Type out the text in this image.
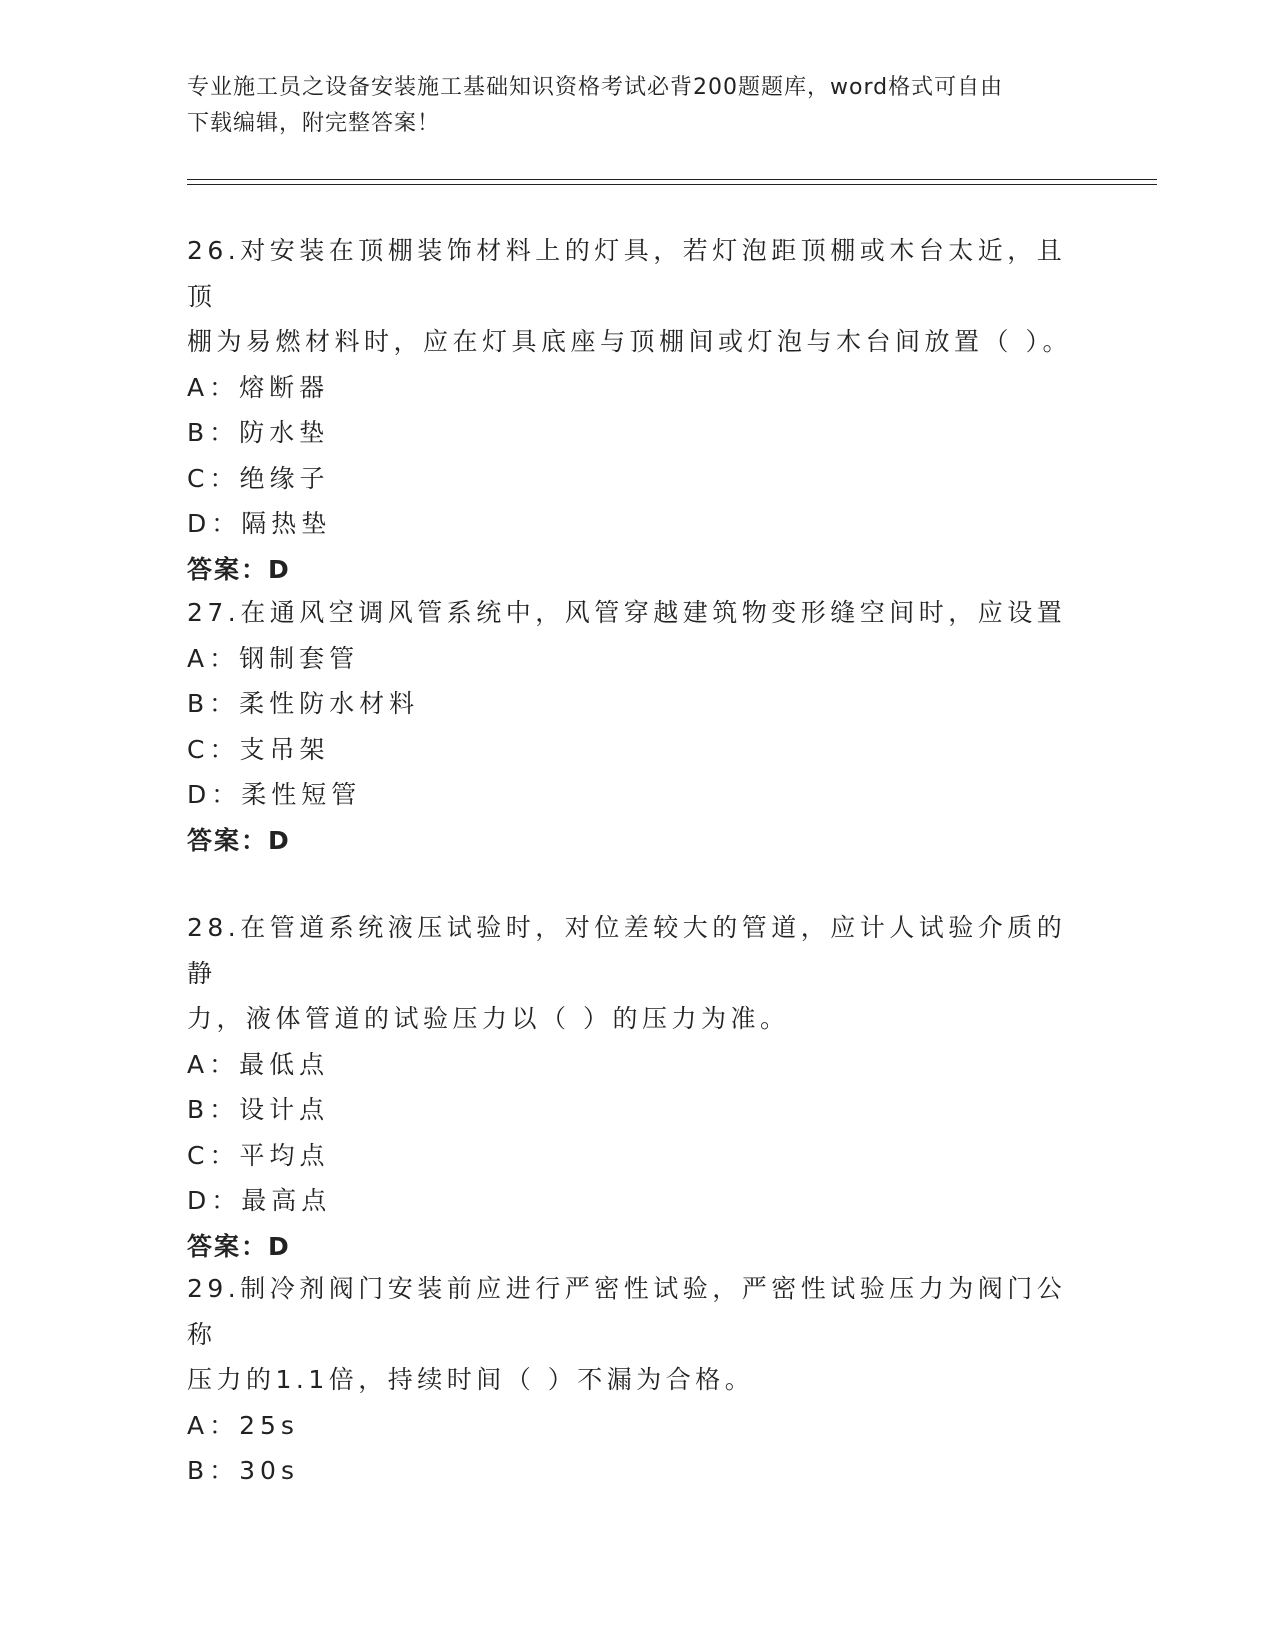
专业施工员之设备安装施工基础知识资格考试必背200题题库，word格式可自由
下载编辑，附完整答案！

26.对安装在顶棚装饰材料上的灯具，若灯泡距顶棚或木台太近，且顶

棚为易燃材料时，应在灯具底座与顶棚间或灯泡与木台间放置（ ）。

A：熔断器

B：防水垫

C：绝缘子

D：隔热垫

答案：D

27.在通风空调风管系统中，风管穿越建筑物变形缝空间时，应设置

A：钢制套管

B：柔性防水材料

C：支吊架

D：柔性短管

答案：D

28.在管道系统液压试验时，对位差较大的管道，应计人试验介质的静

力，液体管道的试验压力以（ ）的压力为准。

A：最低点

B：设计点

C：平均点

D：最高点

答案：D

29.制冷剂阀门安装前应进行严密性试验，严密性试验压力为阀门公称

压力的1.1倍，持续时间（ ）不漏为合格。

A：25s

B：30s
